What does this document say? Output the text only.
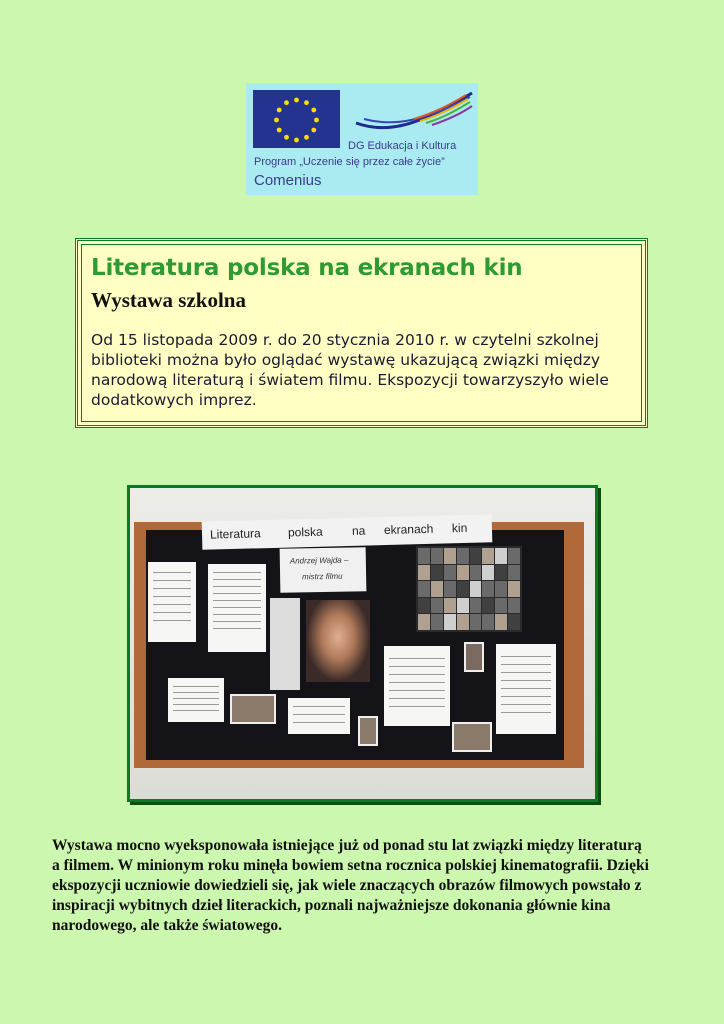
DG Edukacja i Kultura
Program „Uczenie się przez całe życie”
Comenius
Literatura polska na ekranach kin
Wystawa szkolna
Od 15 listopada 2009 r. do 20 stycznia 2010 r. w czytelni szkolnej biblioteki można było oglądać wystawę ukazującą związki między narodową literaturą i światem filmu. Ekspozycji towarzyszyło wiele dodatkowych imprez.
Literatura polska na ekranach kin
Andrzej Wajda –
mistrz filmu
Wystawa mocno wyeksponowała istniejące już od ponad stu lat związki między literaturą a filmem. W minionym roku minęła bowiem setna rocznica polskiej kinematografii. Dzięki ekspozycji uczniowie dowiedzieli się, jak wiele znaczących obrazów filmowych powstało z inspiracji wybitnych dzieł literackich, poznali najważniejsze dokonania głównie kina narodowego, ale także światowego.
